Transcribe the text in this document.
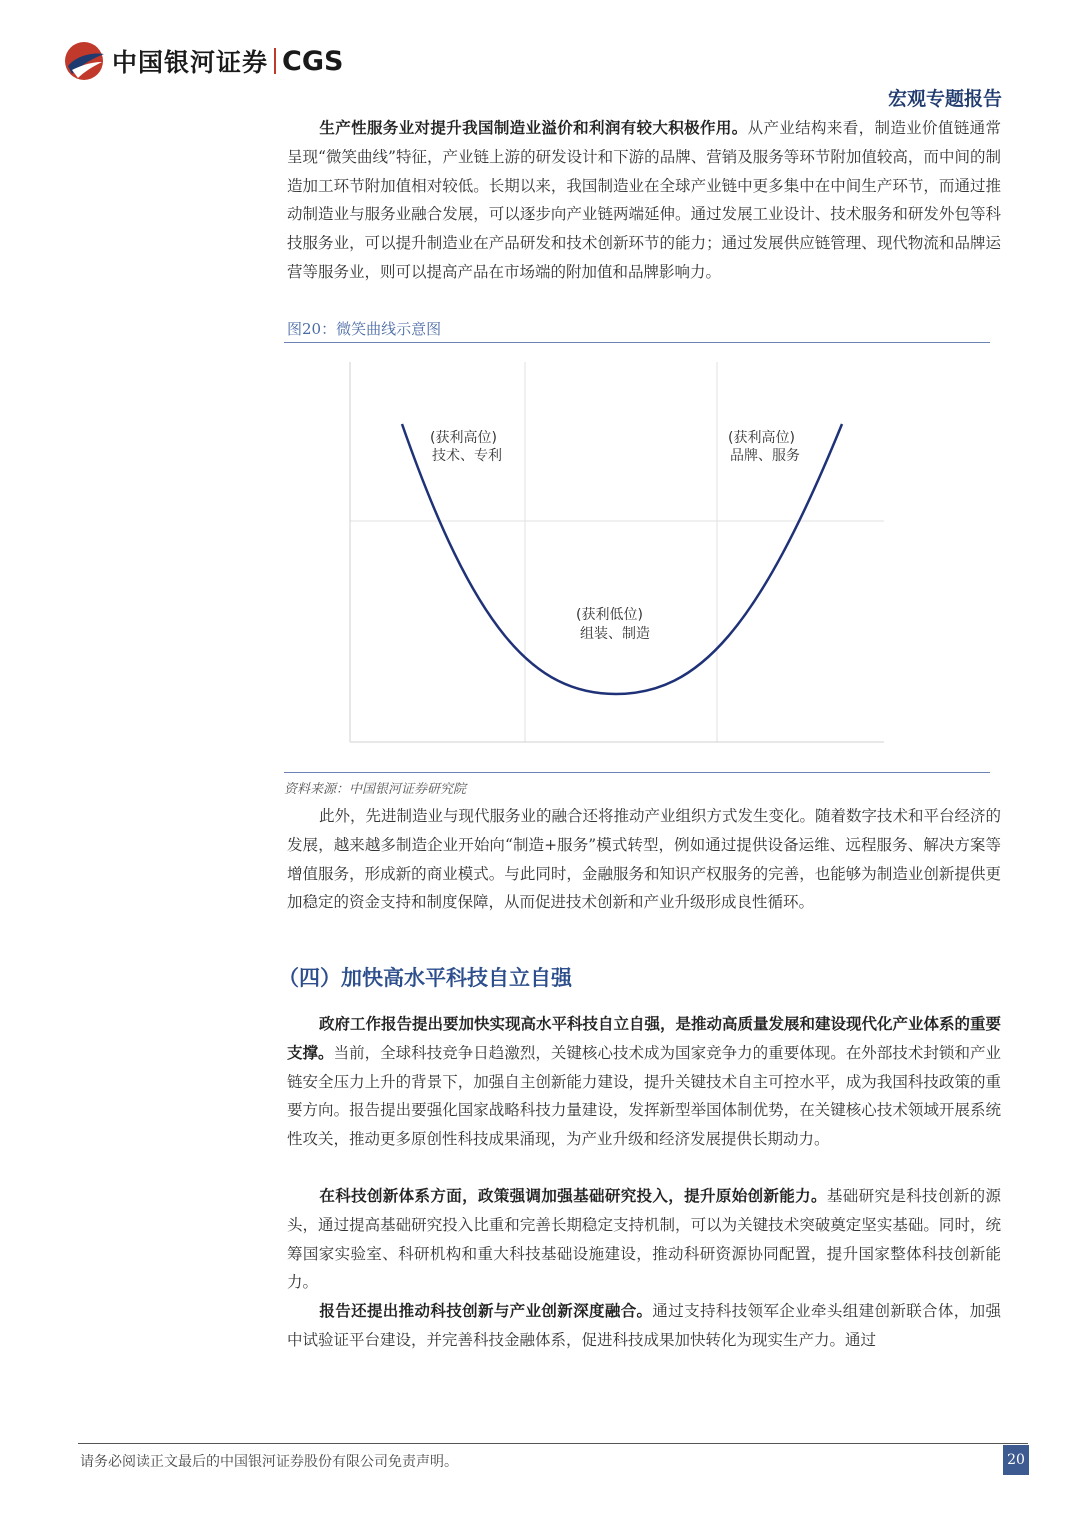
中国银河证券 CGS
宏观专题报告
生产性服务业对提升我国制造业溢价和利润有较大积极作用。从产业结构来看，制造业价值链通常呈现“微笑曲线”特征，产业链上游的研发设计和下游的品牌、营销及服务等环节附加值较高，而中间的制造加工环节附加值相对较低。长期以来，我国制造业在全球产业链中更多集中在中间生产环节，而通过推动制造业与服务业融合发展，可以逐步向产业链两端延伸。通过发展工业设计、技术服务和研发外包等科技服务业，可以提升制造业在产品研发和技术创新环节的能力；通过发展供应链管理、现代物流和品牌运营等服务业，则可以提高产品在市场端的附加值和品牌影响力。
图20：微笑曲线示意图
(获利高位)
技术、专利
(获利高位)
品牌、服务
(获利低位)
组装、制造
资料来源：中国银河证券研究院
此外，先进制造业与现代服务业的融合还将推动产业组织方式发生变化。随着数字技术和平台经济的发展，越来越多制造企业开始向“制造+服务”模式转型，例如通过提供设备运维、远程服务、解决方案等增值服务，形成新的商业模式。与此同时，金融服务和知识产权服务的完善，也能够为制造业创新提供更加稳定的资金支持和制度保障，从而促进技术创新和产业升级形成良性循环。
（四）加快高水平科技自立自强
政府工作报告提出要加快实现高水平科技自立自强，是推动高质量发展和建设现代化产业体系的重要支撑。当前，全球科技竞争日趋激烈，关键核心技术成为国家竞争力的重要体现。在外部技术封锁和产业链安全压力上升的背景下，加强自主创新能力建设，提升关键技术自主可控水平，成为我国科技政策的重要方向。报告提出要强化国家战略科技力量建设，发挥新型举国体制优势，在关键核心技术领域开展系统性攻关，推动更多原创性科技成果涌现，为产业升级和经济发展提供长期动力。
在科技创新体系方面，政策强调加强基础研究投入，提升原始创新能力。基础研究是科技创新的源头，通过提高基础研究投入比重和完善长期稳定支持机制，可以为关键技术突破奠定坚实基础。同时，统筹国家实验室、科研机构和重大科技基础设施建设，推动科研资源协同配置，提升国家整体科技创新能力。
报告还提出推动科技创新与产业创新深度融合。通过支持科技领军企业牵头组建创新联合体，加强中试验证平台建设，并完善科技金融体系，促进科技成果加快转化为现实生产力。通过
请务必阅读正文最后的中国银河证券股份有限公司免责声明。	20
